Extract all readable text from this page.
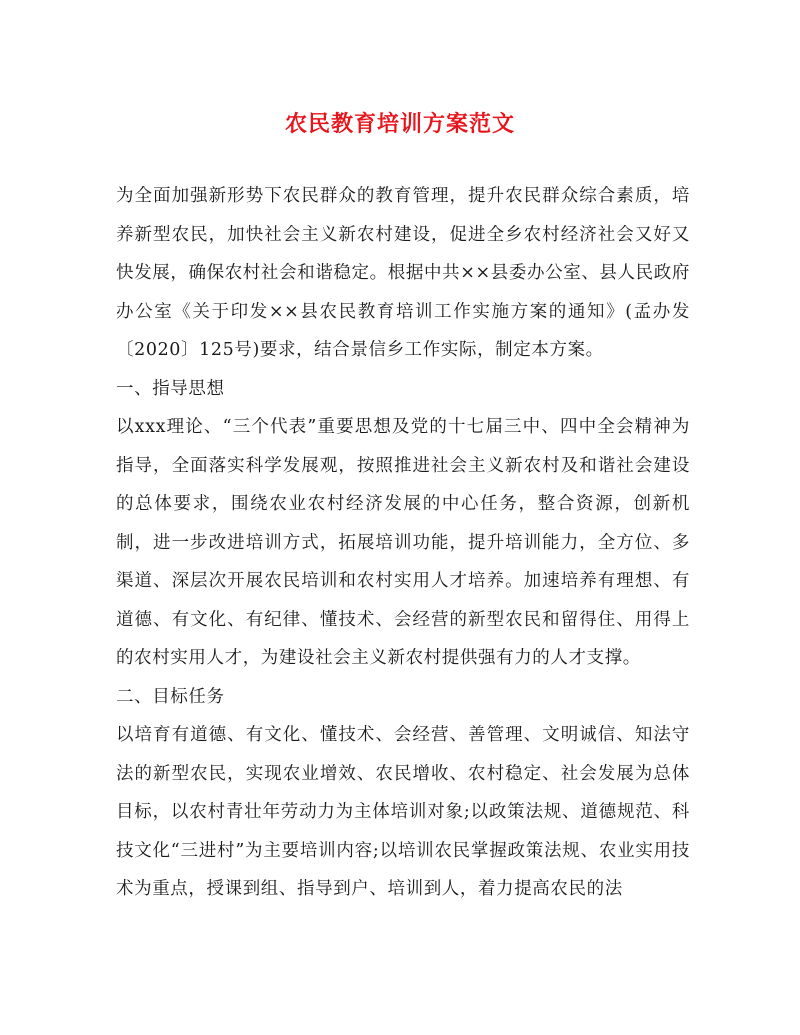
农民教育培训方案范文

为全面加强新形势下农民群众的教育管理，提升农民群众综合素质，培养新型农民，加快社会主义新农村建设，促进全乡农村经济社会又好又快发展，确保农村社会和谐稳定。根据中共××县委办公室、县人民政府办公室《关于印发××县农民教育培训工作实施方案的通知》(孟办发〔2020〕125号)要求，结合景信乡工作实际，制定本方案。

一、指导思想

以xxx理论、“三个代表”重要思想及党的十七届三中、四中全会精神为指导，全面落实科学发展观，按照推进社会主义新农村及和谐社会建设的总体要求，围绕农业农村经济发展的中心任务，整合资源，创新机制，进一步改进培训方式，拓展培训功能，提升培训能力，全方位、多渠道、深层次开展农民培训和农村实用人才培养。加速培养有理想、有道德、有文化、有纪律、懂技术、会经营的新型农民和留得住、用得上的农村实用人才，为建设社会主义新农村提供强有力的人才支撑。

二、目标任务

以培育有道德、有文化、懂技术、会经营、善管理、文明诚信、知法守法的新型农民，实现农业增效、农民增收、农村稳定、社会发展为总体目标，以农村青壮年劳动力为主体培训对象;以政策法规、道德规范、科技文化“三进村”为主要培训内容;以培训农民掌握政策法规、农业实用技术为重点，授课到组、指导到户、培训到人，着力提高农民的法
